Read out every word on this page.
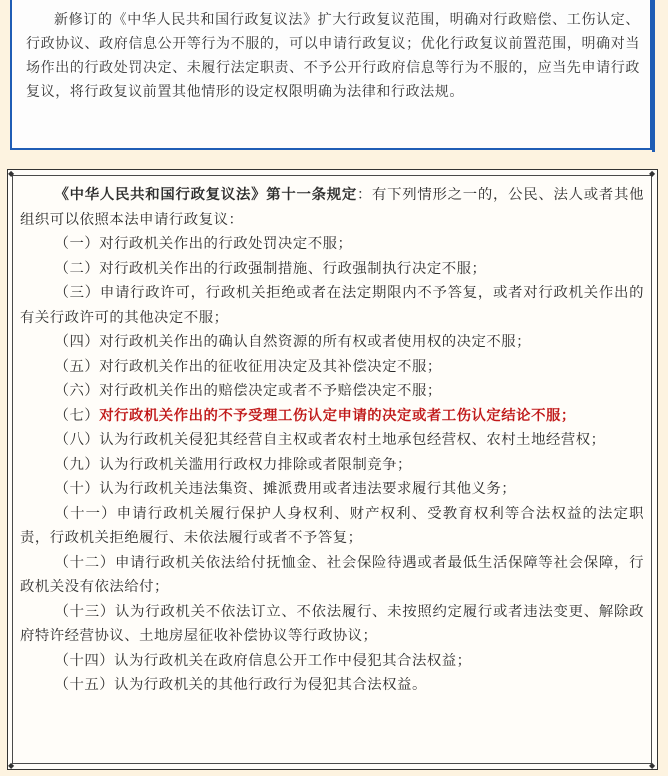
新修订的《中华人民共和国行政复议法》扩大行政复议范围，明确对行政赔偿、工伤认定、行政协议、政府信息公开等行为不服的，可以申请行政复议；优化行政复议前置范围，明确对当场作出的行政处罚决定、未履行法定职责、不予公开行政府信息等行为不服的，应当先申请行政复议，将行政复议前置其他情形的设定权限明确为法律和行政法规。

◆	◆
◆	◆

《中华人民共和国行政复议法》第十一条规定：有下列情形之一的，公民、法人或者其他组织可以依照本法申请行政复议：

（一）对行政机关作出的行政处罚决定不服；

（二）对行政机关作出的行政强制措施、行政强制执行决定不服；

（三）申请行政许可，行政机关拒绝或者在法定期限内不予答复，或者对行政机关作出的有关行政许可的其他决定不服；

（四）对行政机关作出的确认自然资源的所有权或者使用权的决定不服；

（五）对行政机关作出的征收征用决定及其补偿决定不服；

（六）对行政机关作出的赔偿决定或者不予赔偿决定不服；

（七）对行政机关作出的不予受理工伤认定申请的决定或者工伤认定结论不服；

（八）认为行政机关侵犯其经营自主权或者农村土地承包经营权、农村土地经营权；

（九）认为行政机关滥用行政权力排除或者限制竞争；

（十）认为行政机关违法集资、摊派费用或者违法要求履行其他义务；

（十一）申请行政机关履行保护人身权利、财产权利、受教育权利等合法权益的法定职责，行政机关拒绝履行、未依法履行或者不予答复；

（十二）申请行政机关依法给付抚恤金、社会保险待遇或者最低生活保障等社会保障，行政机关没有依法给付；

（十三）认为行政机关不依法订立、不依法履行、未按照约定履行或者违法变更、解除政府特许经营协议、土地房屋征收补偿协议等行政协议；

（十四）认为行政机关在政府信息公开工作中侵犯其合法权益；

（十五）认为行政机关的其他行政行为侵犯其合法权益。
